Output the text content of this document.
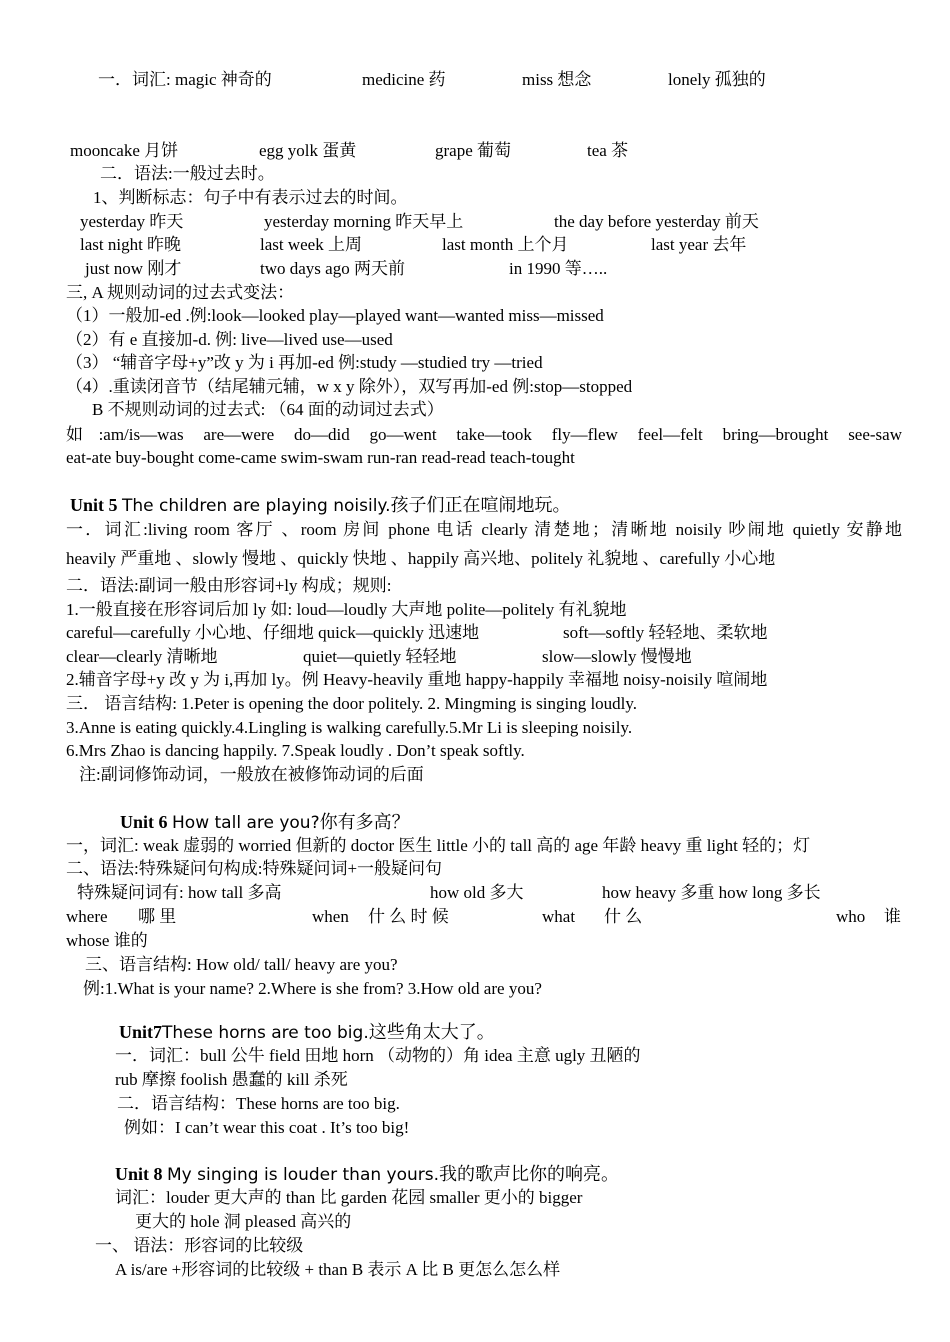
一．词汇: magic 神奇的	medicine 药	miss 想念	lonely 孤独的
mooncake 月饼	egg yolk 蛋黄	grape 葡萄	tea 茶
二．语法:一般过去时。
1、判断标志：句子中有表示过去的时间。
yesterday 昨天	yesterday morning 昨天早上	the day before yesterday 前天
last night 昨晚	last week 上周	last month 上个月	last year 去年
just now 刚才	two days ago 两天前	in 1990 等…..
三, A 规则动词的过去式变法：
（1）一般加-ed .例:look—looked play—played want—wanted miss—missed
（2）有 e 直接加-d. 例: live—lived use—used
（3） “辅音字母+y”改 y 为 i 再加-ed 例:study —studied try —tried
（4）.重读闭音节（结尾辅元辅，w x y 除外），双写再加-ed 例:stop—stopped
B 不规则动词的过去式: （64 面的动词过去式）
如:am/is—was are—were do—did go—went take—took fly—flew feel—felt bring—brought see-saw
eat-ate buy-bought come-came swim-swam run-ran read-read teach-tought
Unit 5 The children are playing noisily.孩子们正在喧闹地玩。
一．词汇:living room 客厅 、room 房间 phone 电话 clearly 清楚地；清晰地 noisily 吵闹地 quietly 安静地
heavily 严重地 、slowly 慢地 、quickly 快地 、happily 高兴地、politely 礼貌地 、carefully 小心地
二．语法:副词一般由形容词+ly 构成；规则:
1.一般直接在形容词后加 ly 如: loud—loudly 大声地 polite—politely 有礼貌地
careful—carefully 小心地、仔细地 quick—quickly 迅速地	soft—softly 轻轻地、柔软地
clear—clearly 清晰地	quiet—quietly 轻轻地	slow—slowly 慢慢地
2.辅音字母+y 改 y 为 i,再加 ly。例 Heavy-heavily 重地 happy-happily 幸福地 noisy-noisily 喧闹地
三． 语言结构: 1.Peter is opening the door politely. 2. Mingming is singing loudly.
3.Anne is eating quickly.4.Lingling is walking carefully.5.Mr Li is sleeping noisily.
6.Mrs Zhao is dancing happily. 7.Speak loudly . Don’t speak softly.
注:副词修饰动词，一般放在被修饰动词的后面
Unit 6 How tall are you?你有多高？
一，词汇: weak 虚弱的 worried 但新的 doctor 医生 little 小的 tall 高的 age 年龄 heavy 重 light 轻的；灯
二、语法:特殊疑问句构成:特殊疑问词+一般疑问句
特殊疑问词有: how tall 多高	how old 多大	how heavy 多重 how long 多长
where 哪 里	when 什 么 时 候	what 什 么	who 谁
whose 谁的
三、语言结构: How old/ tall/ heavy are you?
例:1.What is your name? 2.Where is she from? 3.How old are you?
Unit7These horns are too big.这些角太大了。
一．词汇：bull 公牛 field 田地 horn （动物的）角 idea 主意 ugly 丑陋的
rub 摩擦 foolish 愚蠢的 kill 杀死
二．语言结构：These horns are too big.
例如：I can’t wear this coat . It’s too big!
Unit 8 My singing is louder than yours.我的歌声比你的响亮。
词汇：louder 更大声的 than 比 garden 花园 smaller 更小的 bigger
更大的 hole 洞 pleased 高兴的
一、 语法：形容词的比较级
A is/are +形容词的比较级 + than B 表示 A 比 B 更怎么怎么样
